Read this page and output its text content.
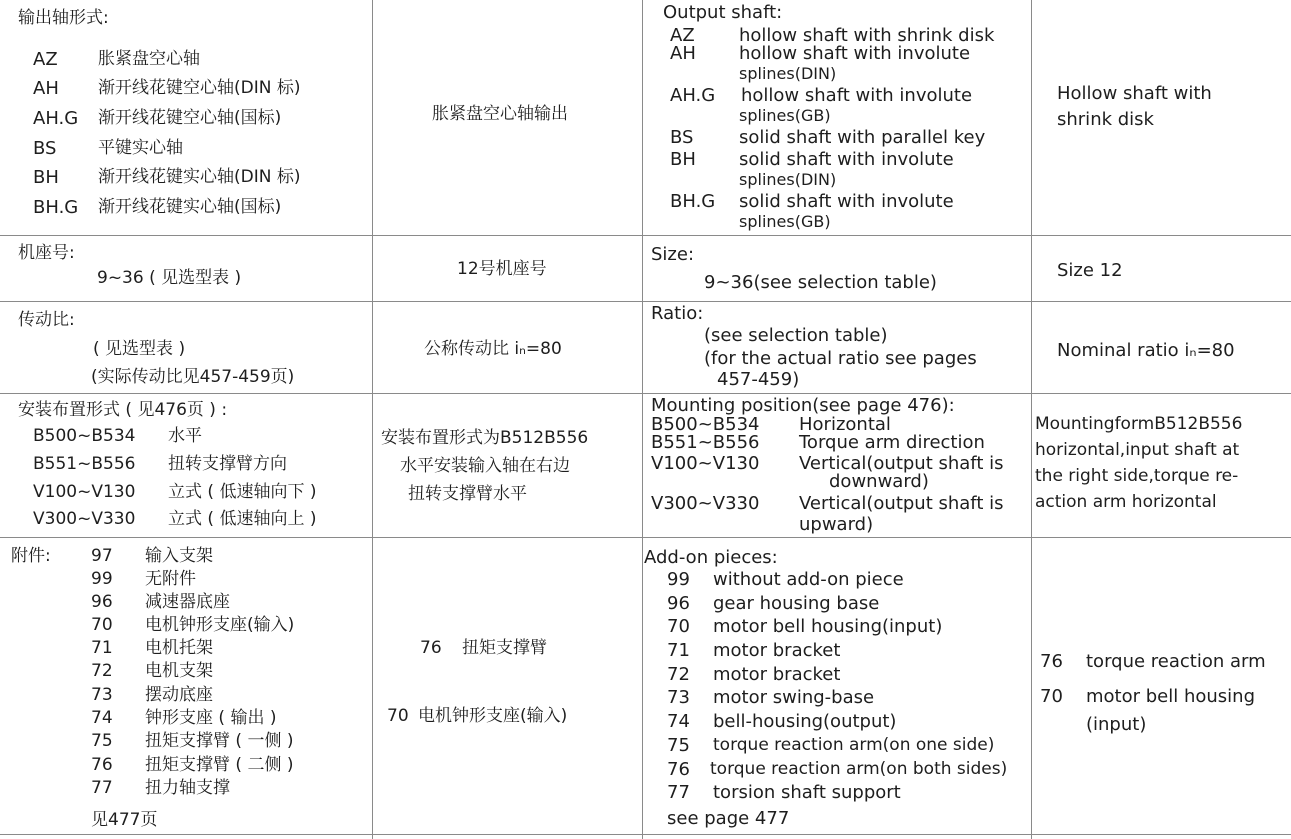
输出轴形式:
AZ 胀紧盘空心轴
AH 渐开线花键空心轴(DIN 标)
AH.G 渐开线花键空心轴(国标)
BS 平键实心轴
BH 渐开线花键实心轴(DIN 标)
BH.G 渐开线花键实心轴(国标)
胀紧盘空心轴输出
Output shaft:
AZ hollow shaft with shrink disk
AH hollow shaft with involute
splines(DIN)
AH.G hollow shaft with involute
splines(GB)
BS	solid shaft with parallel key
BH solid shaft with involute
splines(DIN)
BH.G solid shaft with involute
splines(GB)
Hollow shaft with
shrink disk
机座号:
9~36 ( 见选型表 )	12号机座号
Size:
9~36(see selection table)
Size 12
传动比:
( 见选型表 )
(实际传动比见457-459页)
公称传动比 iₙ=80
Ratio:
(see selection table)
(for the actual ratio see pages
457-459)
Nominal ratio iₙ=80
安装布置形式 ( 见476页 ) :
B500~B534 水平
B551~B556 扭转支撑臂方向
V100~V130 立式 ( 低速轴向下 )
V300~V330 立式 ( 低速轴向上 )
安装布置形式为B512B556
水平安装输入轴在右边
扭转支撑臂水平
Mounting position(see page 476):
B500~B534 Horizontal
B551~B556 Torque arm direction
V100~V130 Vertical(output shaft is
downward)
V300~V330 Vertical(output shaft is
upward)
MountingformB512B556
horizontal,input shaft at
the right side,torque re-
action arm horizontal
附件: 97 输入支架
99 无附件
96 减速器底座
70 电机钟形支座(输入)
71 电机托架
72 电机支架
73 摆动底座
74 钟形支座 ( 输出 )
75 扭矩支撑臂 ( 一侧 )
76 扭矩支撑臂 ( 二侧 )
77 扭力轴支撑
见477页
76 扭矩支撑臂
70 电机钟形支座(输入)
Add-on pieces:
99 without add-on piece
96 gear housing base
70 motor bell housing(input)
71 motor bracket
72 motor bracket
73 motor swing-base
74 bell-housing(output)
75 torque reaction arm(on one side)
76 torque reaction arm(on both sides)
77 torsion shaft support
see page 477
76 torque reaction arm
70 motor bell housing
(input)
